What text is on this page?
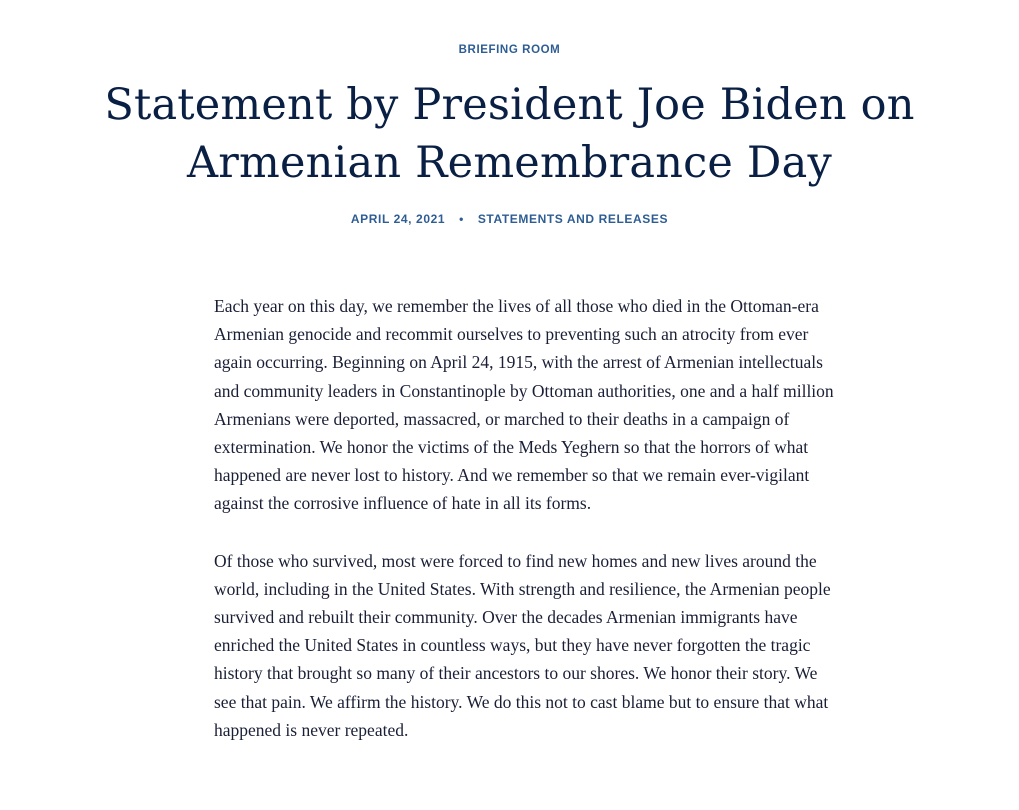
BRIEFING ROOM
Statement by President Joe Biden on Armenian Remembrance Day
APRIL 24, 2021 • STATEMENTS AND RELEASES

Each year on this day, we remember the lives of all those who died in the Ottoman-era Armenian genocide and recommit ourselves to preventing such an atrocity from ever again occurring. Beginning on April 24, 1915, with the arrest of Armenian intellectuals and community leaders in Constantinople by Ottoman authorities, one and a half million Armenians were deported, massacred, or marched to their deaths in a campaign of extermination. We honor the victims of the Meds Yeghern so that the horrors of what happened are never lost to history. And we remember so that we remain ever-vigilant against the corrosive influence of hate in all its forms.

Of those who survived, most were forced to find new homes and new lives around the world, including in the United States. With strength and resilience, the Armenian people survived and rebuilt their community. Over the decades Armenian immigrants have enriched the United States in countless ways, but they have never forgotten the tragic history that brought so many of their ancestors to our shores. We honor their story. We see that pain. We affirm the history. We do this not to cast blame but to ensure that what happened is never repeated.
